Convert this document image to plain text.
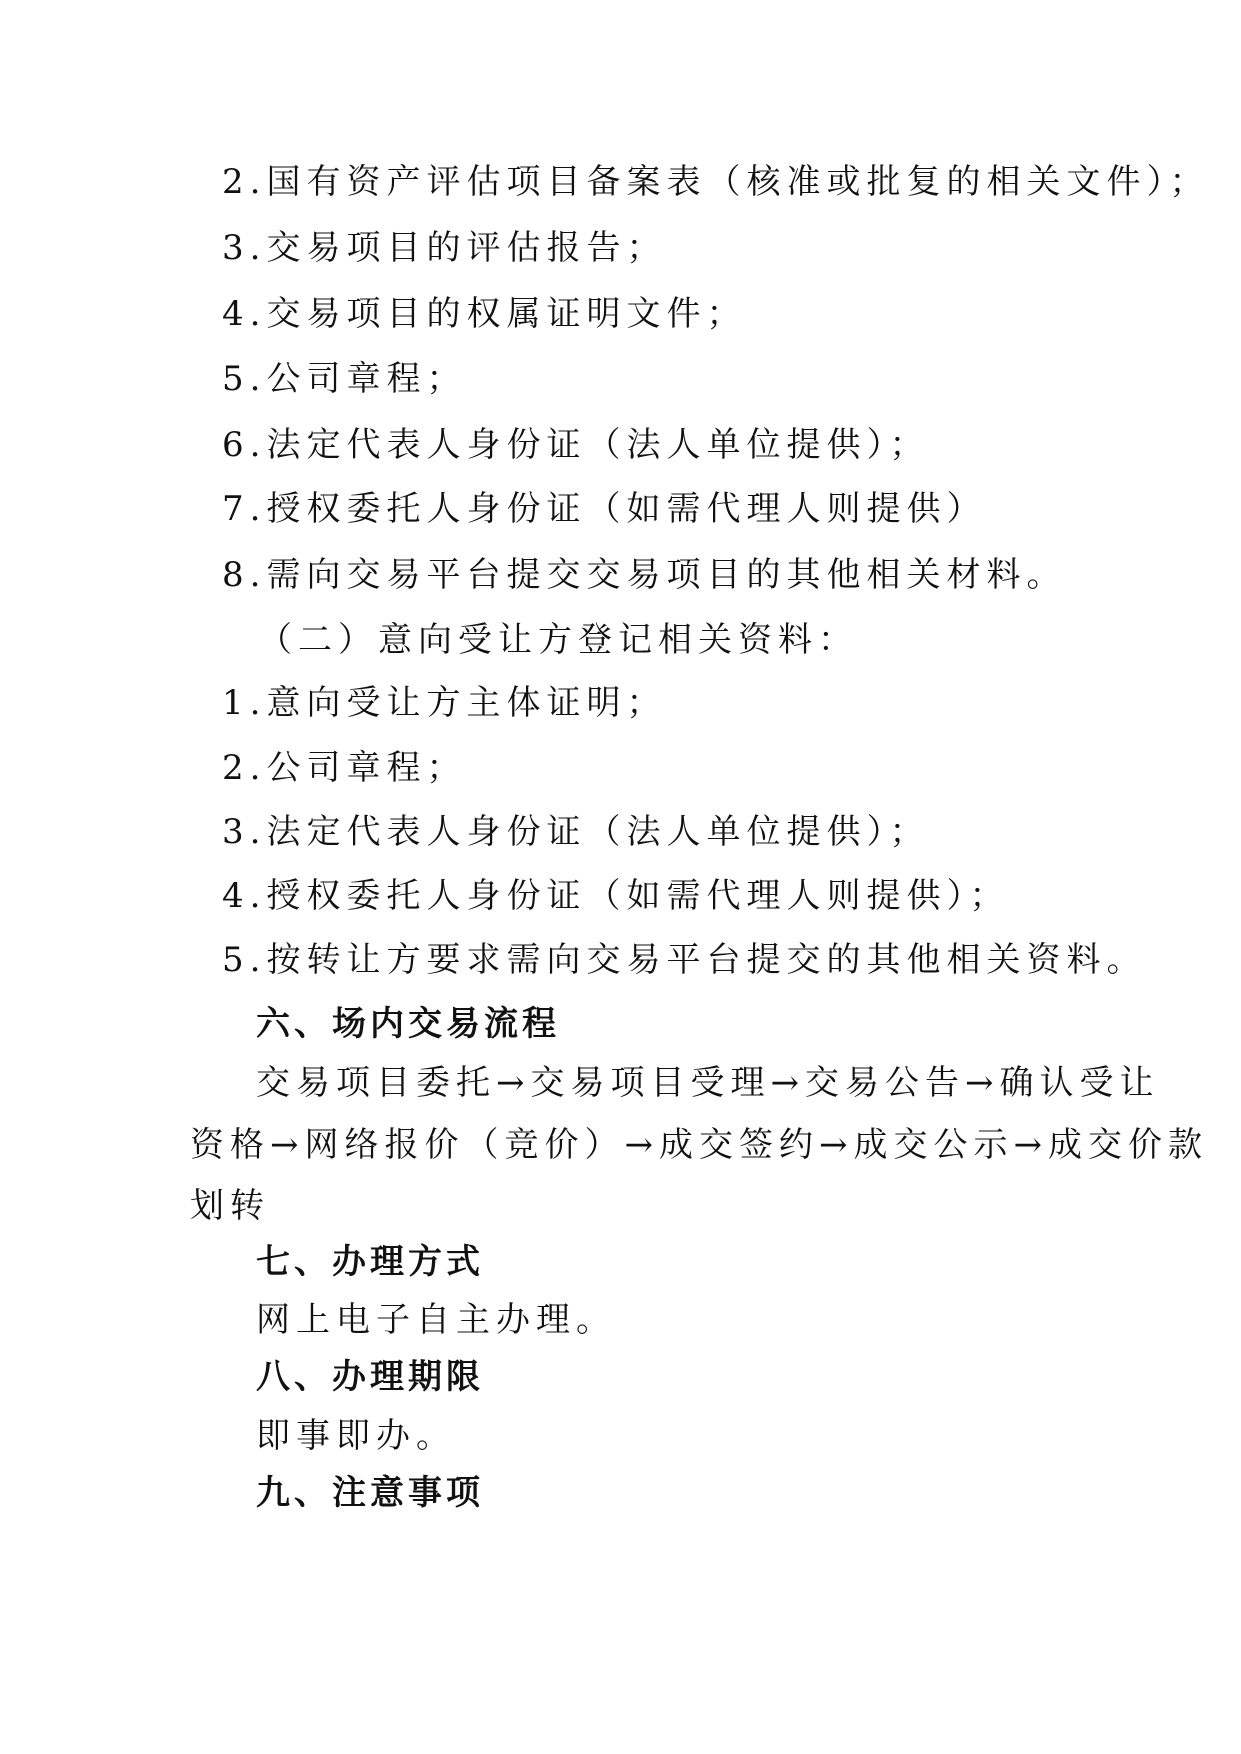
2.国有资产评估项目备案表（核准或批复的相关文件）；
3.交易项目的评估报告；
4.交易项目的权属证明文件；
5.公司章程；
6.法定代表人身份证（法人单位提供）；
7.授权委托人身份证（如需代理人则提供）
8.需向交易平台提交交易项目的其他相关材料。
（二）意向受让方登记相关资料：
1.意向受让方主体证明；
2.公司章程；
3.法定代表人身份证（法人单位提供）；
4.授权委托人身份证（如需代理人则提供）；
5.按转让方要求需向交易平台提交的其他相关资料。
六、场内交易流程
交易项目委托→交易项目受理→交易公告→确认受让
资格→网络报价（竞价）→成交签约→成交公示→成交价款
划转
七、办理方式
网上电子自主办理。
八、办理期限
即事即办。
九、注意事项
